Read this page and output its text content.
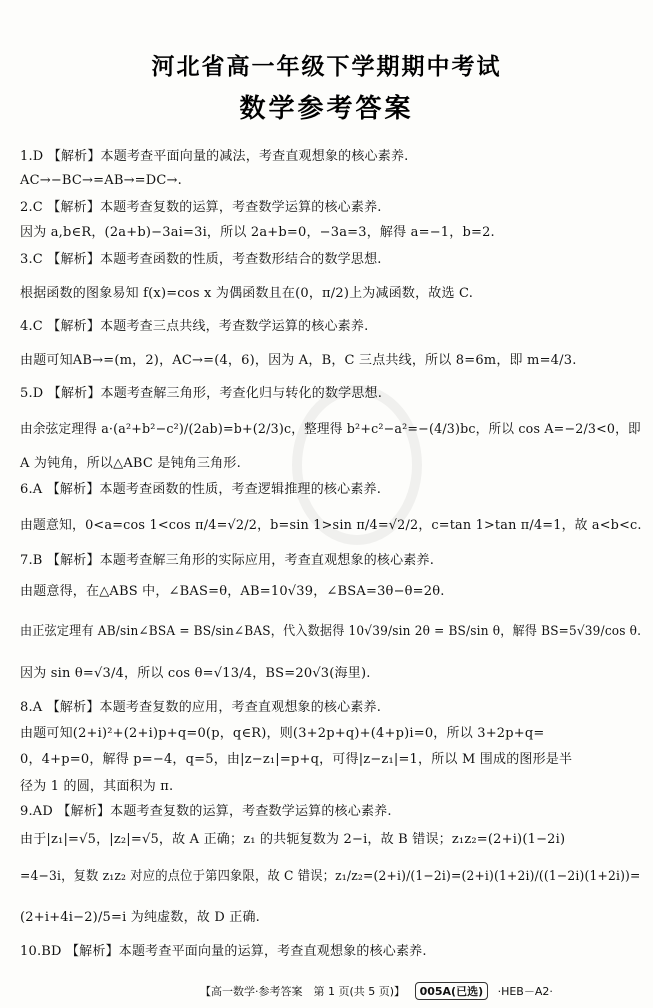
河北省高一年级下学期期中考试
数学参考答案
1.D 【解析】本题考查平面向量的减法，考查直观想象的核心素养.
AC→−BC→=AB→=DC→.
2.C 【解析】本题考查复数的运算，考查数学运算的核心素养.
因为 a,b∈R，(2a+b)−3ai=3i，所以 2a+b=0，−3a=3，解得 a=−1，b=2.
3.C 【解析】本题考查函数的性质，考查数形结合的数学思想.
根据函数的图象易知 f(x)=cos x 为偶函数且在(0，π/2)上为减函数，故选 C.
4.C 【解析】本题考查三点共线，考查数学运算的核心素养.
由题可知AB→=(m，2)，AC→=(4，6)，因为 A，B，C 三点共线，所以 8=6m，即 m=4/3.
5.D 【解析】本题考查解三角形，考查化归与转化的数学思想.
由余弦定理得 a·(a²+b²−c²)/(2ab)=b+(2/3)c，整理得 b²+c²−a²=−(4/3)bc，所以 cos A=−2/3<0，即
A 为钝角，所以△ABC 是钝角三角形.
6.A 【解析】本题考查函数的性质，考查逻辑推理的核心素养.
由题意知，0<a=cos 1<cos π/4=√2/2，b=sin 1>sin π/4=√2/2，c=tan 1>tan π/4=1，故 a<b<c.
7.B 【解析】本题考查解三角形的实际应用，考查直观想象的核心素养.
由题意得，在△ABS 中，∠BAS=θ，AB=10√39，∠BSA=3θ−θ=2θ.
由正弦定理有 AB/sin∠BSA = BS/sin∠BAS，代入数据得 10√39/sin 2θ = BS/sin θ，解得 BS=5√39/cos θ.
因为 sin θ=√3/4，所以 cos θ=√13/4，BS=20√3(海里).
8.A 【解析】本题考查复数的应用，考查直观想象的核心素养.
由题可知(2+i)²+(2+i)p+q=0(p，q∈R)，则(3+2p+q)+(4+p)i=0，所以 3+2p+q=
0，4+p=0，解得 p=−4，q=5，由|z−z₁|=p+q，可得|z−z₁|=1，所以 M 围成的图形是半
径为 1 的圆，其面积为 π.
9.AD 【解析】本题考查复数的运算，考查数学运算的核心素养.
由于|z₁|=√5，|z₂|=√5，故 A 正确；z₁ 的共轭复数为 2−i，故 B 错误；z₁z₂=(2+i)(1−2i)
=4−3i，复数 z₁z₂ 对应的点位于第四象限，故 C 错误；z₁/z₂=(2+i)/(1−2i)=(2+i)(1+2i)/((1−2i)(1+2i))=
(2+i+4i−2)/5=i 为纯虚数，故 D 正确.
10.BD 【解析】本题考查平面向量的运算，考查直观想象的核心素养.
【高一数学·参考答案　第 1 页(共 5 页)】 005A(已选) ·HEB－A2·
